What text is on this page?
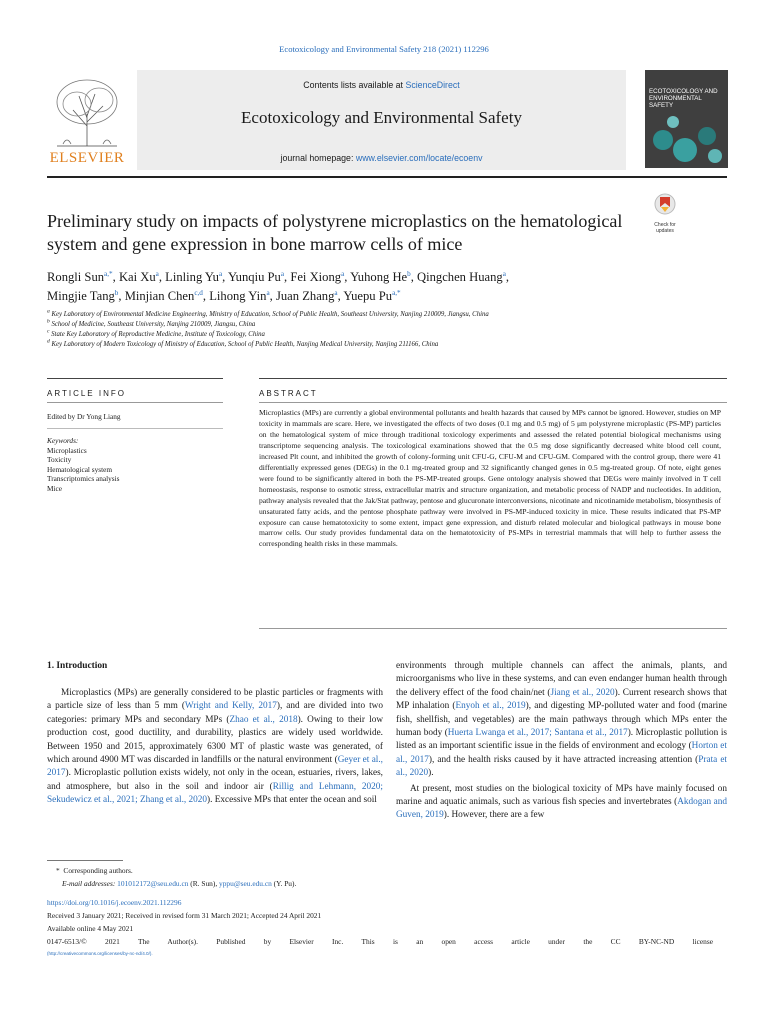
Ecotoxicology and Environmental Safety 218 (2021) 112296
Contents lists available at ScienceDirect
Ecotoxicology and Environmental Safety
journal homepage: www.elsevier.com/locate/ecoenv
ELSEVIER
ECOTOXICOLOGY AND ENVIRONMENTAL SAFETY
Check for updates
Preliminary study on impacts of polystyrene microplastics on the hematological system and gene expression in bone marrow cells of mice
Rongli Sun$^{a,*}$, Kai Xu$^a$, Linling Yu$^a$, Yunqiu Pu$^a$, Fei Xiong$^a$, Yuhong He$^b$, Qingchen Huang$^a$,
Mingjie Tang$^b$, Minjian Chen$^{c,d}$, Lihong Yin$^a$, Juan Zhang$^a$, Yuepu $Pu^{a,*}$
$^a$ Key Laboratory of Environmental Medicine Engineering, Ministry of Education, School of Public Health, Southeast University, Nanjing 210009, Jiangsu, China
$^b$ School of Medicine, Southeast University, Nanjing 210009, Jiangsu, China
$^c$ State Key Laboratory of Reproductive Medicine, Institute of Toxicology, China
$^d$ Key Laboratory of Modern Toxicology of Ministry of Education, School of Public Health, Nanjing Medical University, Nanjing 211166, China
ARTICLE INFO	ABSTRACT
Edited by Dr Yong Liang
Keywords:
Microplastics
Toxicity
Hematological system
Transcriptomics analysis
Mice
Microplastics (MPs) are currently a global environmental pollutants and health hazards that caused by MPs cannot be ignored. However, studies on MP toxicity in mammals are scare. Here, we investigated the effects of two doses (0.1 mg and 0.5 mg) of 5 μm polystyrene microplastic (PS-MP) particles on the hematological system of mice through traditional toxicology experiments and assessed the related potential biological mechanisms using transcriptome sequencing analysis. The toxicological examinations showed that the 0.5 mg dose significantly decreased white blood cell count, increased Plt count, and inhibited the growth of colony-forming unit CFU-G, CFU-M and CFU-GM. Compared with the control group, there were 41 differentially expressed genes (DEGs) in the 0.1 mg-treated group and 32 significantly changed genes in 0.5 mg-treated group. Of note, eight genes were found to be significantly altered in both the PS-MP-treated groups. Gene ontology analysis showed that DEGs were mainly involved in T cell homeostasis, response to osmotic stress, extracellular matrix and structure organization, and metabolic process of NADP and nucleotides. In addition, pathway analysis revealed that the Jak/Stat pathway, pentose and glucuronate interconversions, nicotinate and nicotinamide metabolism, biosynthesis of unsaturated fatty acids, and the pentose phosphate pathway were involved in PS-MP-induced toxicity in mice. These results indicated that PS-MP exposure can cause hematotoxicity to some extent, impact gene expression, and disturb related molecular and biological pathways in mouse bone marrow cells. Our study provides fundamental data on the hematotoxicity of PS-MPs in terrestrial mammals that will help to further assess the corresponding health risks in these mammals.
1. Introduction

Microplastics (MPs) are generally considered to be plastic particles or fragments with a particle size of less than 5 mm (Wright and Kelly, 2017), and are divided into two categories: primary MPs and secondary MPs (Zhao et al., 2018). Owing to their low production cost, good ductility, and durability, plastics are widely used worldwide. Between 1950 and 2015, approximately 6300 MT of plastic waste was generated, of which around 4900 MT was discarded in landfills or the natural environment (Geyer et al., 2017). Microplastic pollution exists widely, not only in the ocean, estuaries, rivers, lakes, and atmosphere, but also in the soil and indoor air (Rillig and Lehmann, 2020; Sekudewicz et al., 2021; Zhang et al., 2020). Excessive MPs that enter the ocean and soil

environments through multiple channels can affect the animals, plants, and microorganisms who live in these systems, and can even endanger human health through the delivery effect of the food chain/net (Jiang et al., 2020). Current research shows that MP inhalation (Enyoh et al., 2019), and digesting MP-polluted water and food (marine fish, shellfish, and vegetables) are the main pathways through which MPs enter the human body (Huerta Lwanga et al., 2017; Santana et al., 2017). Microplastic pollution is listed as an important scientific issue in the fields of environment and ecology (Horton et al., 2017), and the health risks caused by it have attracted increasing attention (Prata et al., 2020).

At present, most studies on the biological toxicity of MPs have mainly focused on marine and aquatic animals, such as various fish species and invertebrates (Akdogan and Guven, 2019). However, there are a few

*  Corresponding authors.
E-mail addresses: 101012172@seu.edu.cn (R. Sun), yppu@seu.edu.cn (Y. Pu).
https://doi.org/10.1016/j.ecoenv.2021.112296
Received 3 January 2021; Received in revised form 31 March 2021; Accepted 24 April 2021
Available online 4 May 2021
0147-6513/© 2021 The Author(s). Published by Elsevier Inc. This is an open access article under the CC BY-NC-ND license
(http://creativecommons.org/licenses/by-nc-nd/4.0/).
